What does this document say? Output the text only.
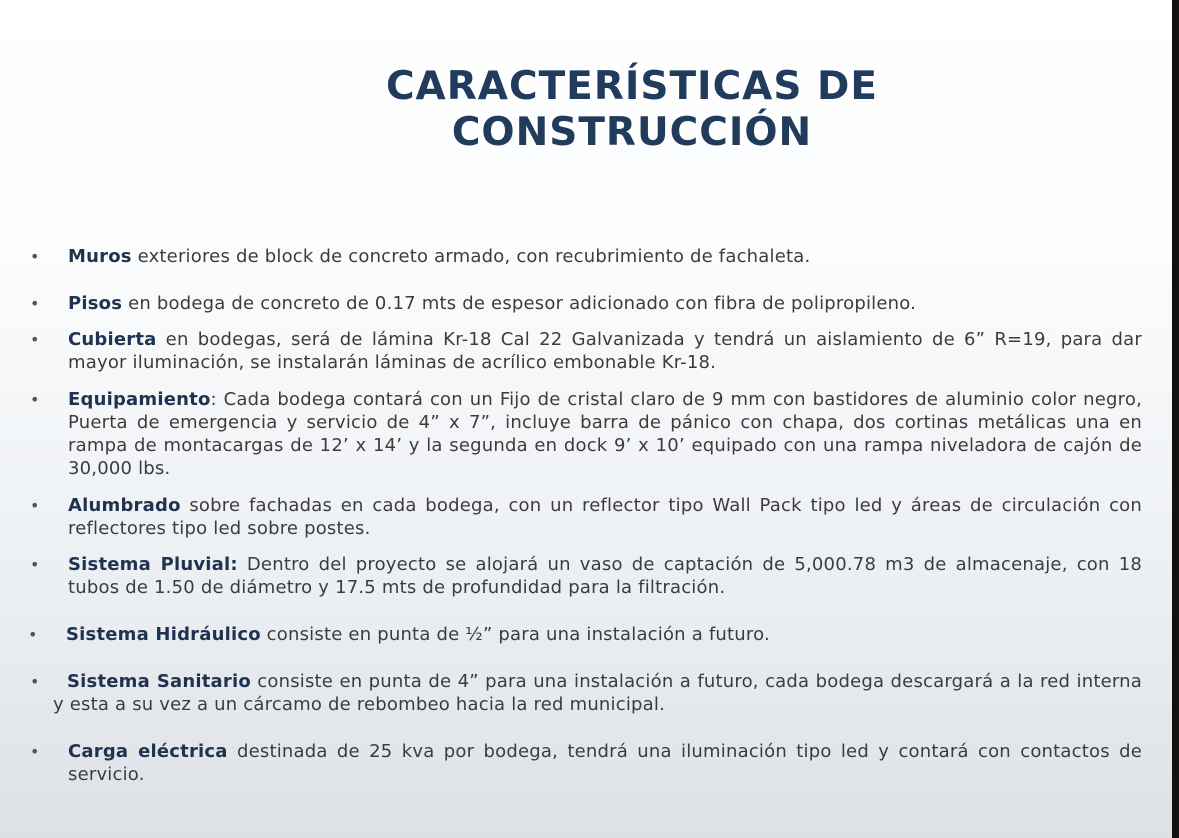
CARACTERÍSTICAS DE
CONSTRUCCIÓN
• Muros exteriores de block de concreto armado, con recubrimiento de fachaleta.
• Pisos en bodega de concreto de 0.17 mts de espesor adicionado con fibra de polipropileno.
• Cubierta en bodegas, será de lámina Kr-18 Cal 22 Galvanizada y tendrá un aislamiento de 6” R=19, para dar mayor iluminación, se instalarán láminas de acrílico embonable Kr-18.
• Equipamiento: Cada bodega contará con un Fijo de cristal claro de 9 mm con bastidores de aluminio color negro, Puerta de emergencia y servicio de 4” x 7”, incluye barra de pánico con chapa, dos cortinas metálicas una en rampa de montacargas de 12’ x 14’ y la segunda en dock 9’ x 10’ equipado con una rampa niveladora de cajón de 30,000 lbs.
• Alumbrado sobre fachadas en cada bodega, con un reflector tipo Wall Pack tipo led y áreas de circulación con reflectores tipo led sobre postes.
• Sistema Pluvial: Dentro del proyecto se alojará un vaso de captación de 5,000.78 m3 de almacenaje, con 18 tubos de 1.50 de diámetro y 17.5 mts de profundidad para la filtración.
• Sistema Hidráulico consiste en punta de ½” para una instalación a futuro.
• Sistema Sanitario consiste en punta de 4” para una instalación a futuro, cada bodega descargará a la red interna y esta a su vez a un cárcamo de rebombeo hacia la red municipal.
• Carga eléctrica destinada de 25 kva por bodega, tendrá una iluminación tipo led y contará con contactos de servicio.
